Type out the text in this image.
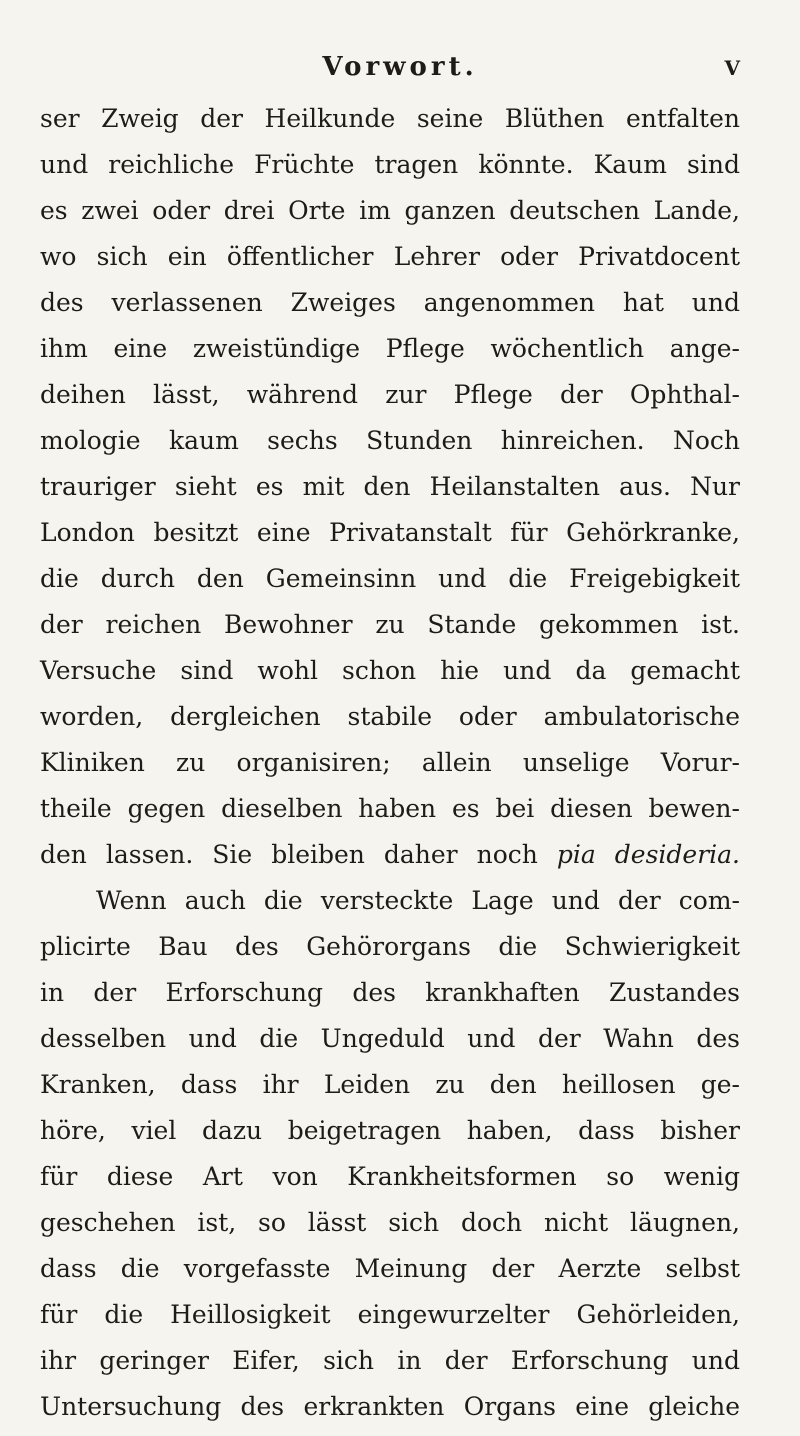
Vorwort.	V
ser Zweig der Heilkunde seine Blüthen entfalten
und reichliche Früchte tragen könnte. Kaum sind
es zwei oder drei Orte im ganzen deutschen Lande,
wo sich ein öffentlicher Lehrer oder Privatdocent
des verlassenen Zweiges angenommen hat und
ihm eine zweistündige Pflege wöchentlich ange-
deihen lässt, während zur Pflege der Ophthal-
mologie kaum sechs Stunden hinreichen. Noch
trauriger sieht es mit den Heilanstalten aus. Nur
London besitzt eine Privatanstalt für Gehörkranke,
die durch den Gemeinsinn und die Freigebigkeit
der reichen Bewohner zu Stande gekommen ist.
Versuche sind wohl schon hie und da gemacht
worden, dergleichen stabile oder ambulatorische
Kliniken zu organisiren; allein unselige Vorur-
theile gegen dieselben haben es bei diesen bewen-
den lassen. Sie bleiben daher noch pia desideria.
Wenn auch die versteckte Lage und der com-
plicirte Bau des Gehörorgans die Schwierigkeit
in der Erforschung des krankhaften Zustandes
desselben und die Ungeduld und der Wahn des
Kranken, dass ihr Leiden zu den heillosen ge-
höre, viel dazu beigetragen haben, dass bisher
für diese Art von Krankheitsformen so wenig
geschehen ist, so lässt sich doch nicht läugnen,
dass die vorgefasste Meinung der Aerzte selbst
für die Heillosigkeit eingewurzelter Gehörleiden,
ihr geringer Eifer, sich in der Erforschung und
Untersuchung des erkrankten Organs eine gleiche
